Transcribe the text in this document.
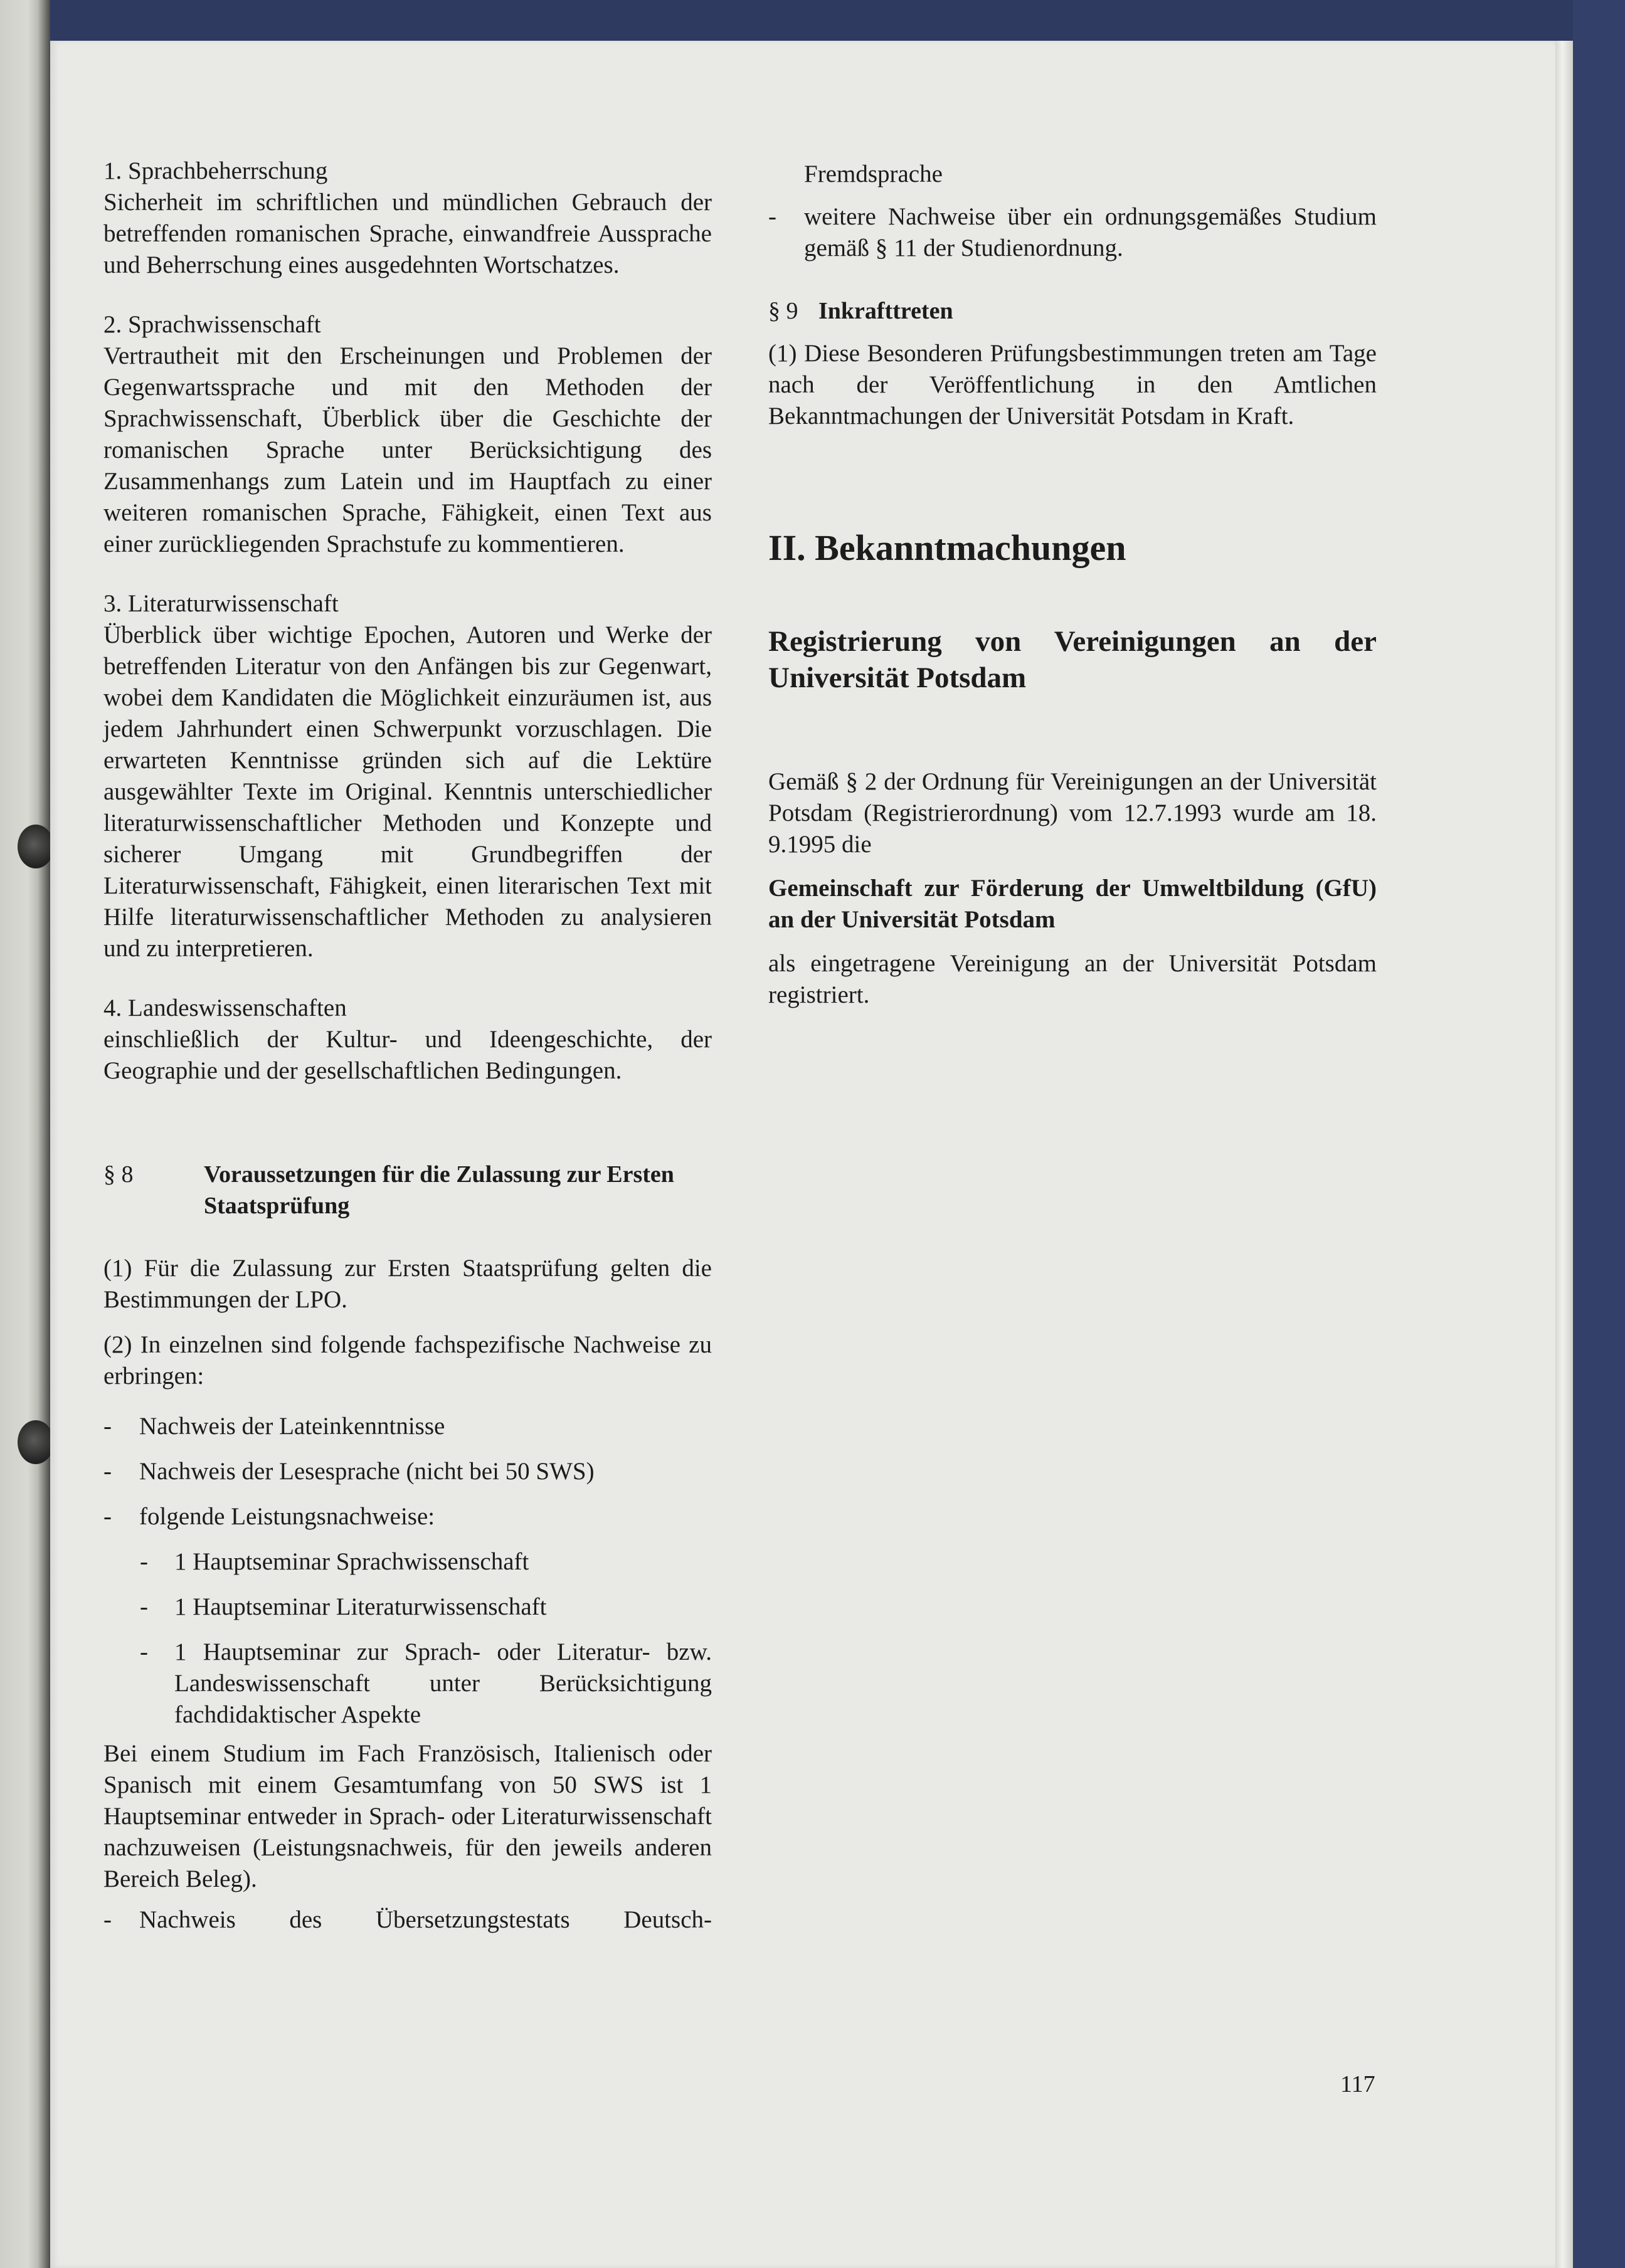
1. Sprachbeherrschung

Sicherheit im schriftlichen und mündlichen Gebrauch der betreffenden romanischen Sprache, einwandfreie Aussprache und Beherrschung eines ausgedehnten Wortschatzes.

2. Sprachwissenschaft

Vertrautheit mit den Erscheinungen und Problemen der Gegenwartssprache und mit den Methoden der Sprachwissenschaft, Überblick über die Geschichte der romanischen Sprache unter Berücksichtigung des Zusammenhangs zum Latein und im Hauptfach zu einer weiteren romanischen Sprache, Fähigkeit, einen Text aus einer zurückliegenden Sprachstufe zu kommentieren.

3. Literaturwissenschaft

Überblick über wichtige Epochen, Autoren und Werke der betreffenden Literatur von den Anfängen bis zur Gegenwart, wobei dem Kandidaten die Möglichkeit einzuräumen ist, aus jedem Jahrhundert einen Schwerpunkt vorzuschlagen. Die erwarteten Kenntnisse gründen sich auf die Lektüre ausgewählter Texte im Original. Kenntnis unterschiedlicher literaturwissenschaftlicher Methoden und Konzepte und sicherer Umgang mit Grundbegriffen der Literaturwissenschaft, Fähigkeit, einen literarischen Text mit Hilfe literaturwissenschaftlicher Methoden zu analysieren und zu interpretieren.

4. Landeswissenschaften

einschließlich der Kultur- und Ideengeschichte, der Geographie und der gesellschaftlichen Bedingungen.

§ 8	Voraussetzungen für die Zulassung zur Ersten Staatsprüfung

(1) Für die Zulassung zur Ersten Staatsprüfung gelten die Bestimmungen der LPO.

(2) In einzelnen sind folgende fachspezifische Nachweise zu erbringen:

-	Nachweis der Lateinkenntnisse
-	Nachweis der Lesesprache (nicht bei 50 SWS)
-	folgende Leistungsnachweise:
-	1 Hauptseminar Sprachwissenschaft
-	1 Hauptseminar Literaturwissenschaft
-	1 Hauptseminar zur Sprach- oder Literatur- bzw. Landeswissenschaft unter Berücksichtigung fachdidaktischer Aspekte

Bei einem Studium im Fach Französisch, Italienisch oder Spanisch mit einem Gesamtumfang von 50 SWS ist 1 Hauptseminar entweder in Sprach- oder Literaturwissenschaft nachzuweisen (Leistungsnachweis, für den jeweils anderen Bereich Beleg).

-	Nachweis des Übersetzungstestats Deutsch-

Fremdsprache

-	weitere Nachweise über ein ordnungsgemäßes Studium gemäß § 11 der Studienordnung.
§ 9 Inkrafttreten

(1) Diese Besonderen Prüfungsbestimmungen treten am Tage nach der Veröffentlichung in den Amtlichen Bekanntmachungen der Universität Potsdam in Kraft.

II. Bekanntmachungen
Registrierung von Vereinigungen an der Universität Potsdam

Gemäß § 2 der Ordnung für Vereinigungen an der Universität Potsdam (Registrierordnung) vom 12.7.1993 wurde am 18. 9.1995 die

Gemeinschaft zur Förderung der Umweltbildung (GfU) an der Universität Potsdam

als eingetragene Vereinigung an der Universität Potsdam registriert.

117
